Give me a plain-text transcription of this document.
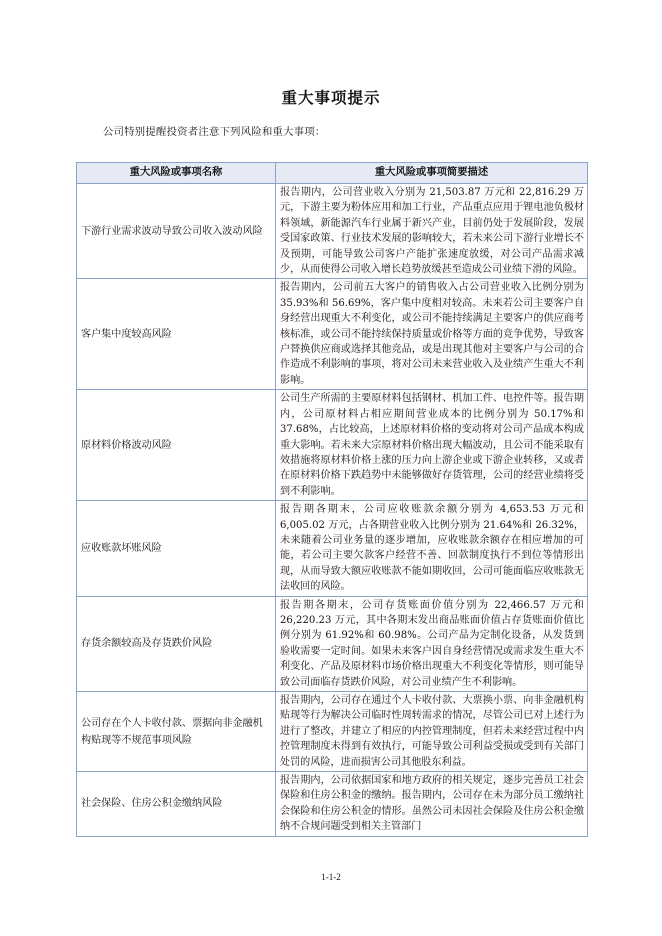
重大事项提示
公司特别提醒投资者注意下列风险和重大事项：
重大风险或事项名称	重大风险或事项简要描述

下游行业需求波动导致公司收入波动风险	报告期内，公司营业收入分别为 21,503.87 万元和 22,816.29 万元，下游主要为粉体应用和加工行业，产品重点应用于锂电池负极材料领域，新能源汽车行业属于新兴产业，目前仍处于发展阶段，发展受国家政策、行业技术发展的影响较大，若未来公司下游行业增长不及预期，可能导致公司客户产能扩张速度放缓，对公司产品需求减少，从而使得公司收入增长趋势放缓甚至造成公司业绩下滑的风险。

客户集中度较高风险	报告期内，公司前五大客户的销售收入占公司营业收入比例分别为 35.93%和 56.69%，客户集中度相对较高。未来若公司主要客户自身经营出现重大不利变化，或公司不能持续满足主要客户的供应商考核标准，或公司不能持续保持质量或价格等方面的竞争优势，导致客户替换供应商或选择其他竞品，或是出现其他对主要客户与公司的合作造成不利影响的事项，将对公司未来营业收入及业绩产生重大不利影响。

原材料价格波动风险	公司生产所需的主要原材料包括钢材、机加工件、电控件等。报告期内，公司原材料占相应期间营业成本的比例分别为 50.17%和 37.68%，占比较高，上述原材料价格的变动将对公司产品成本构成重大影响。若未来大宗原材料价格出现大幅波动，且公司不能采取有效措施将原材料价格上涨的压力向上游企业或下游企业转移，又或者在原材料价格下跌趋势中未能够做好存货管理，公司的经营业绩将受到不利影响。

应收账款坏账风险	报告期各期末，公司应收账款余额分别为 4,653.53 万元和 6,005.02 万元，占各期营业收入比例分别为 21.64%和 26.32%，未来随着公司业务量的逐步增加，应收账款余额存在相应增加的可能，若公司主要欠款客户经营不善、回款制度执行不到位等情形出现，从而导致大额应收账款不能如期收回，公司可能面临应收账款无法收回的风险。

存货余额较高及存货跌价风险	报告期各期末，公司存货账面价值分别为 22,466.57 万元和 26,220.23 万元，其中各期末发出商品账面价值占存货账面价值比例分别为 61.92%和 60.98%。公司产品为定制化设备，从发货到验收需要一定时间。如果未来客户因自身经营情况或需求发生重大不利变化、产品及原材料市场价格出现重大不利变化等情形，则可能导致公司面临存货跌价风险，对公司业绩产生不利影响。

公司存在个人卡收付款、票据向非金融机构贴现等不规范事项风险	报告期内，公司存在通过个人卡收付款、大票换小票、向非金融机构贴现等行为解决公司临时性周转需求的情况，尽管公司已对上述行为进行了整改，并建立了相应的内控管理制度，但若未来经营过程中内控管理制度未得到有效执行，可能导致公司利益受损或受到有关部门处罚的风险，进而损害公司其他股东利益。

社会保险、住房公积金缴纳风险	报告期内，公司依据国家和地方政府的相关规定，逐步完善员工社会保险和住房公积金的缴纳。报告期内，公司存在未为部分员工缴纳社会保险和住房公积金的情形。虽然公司未因社会保险及住房公积金缴纳不合规问题受到相关主管部门
1-1-2
